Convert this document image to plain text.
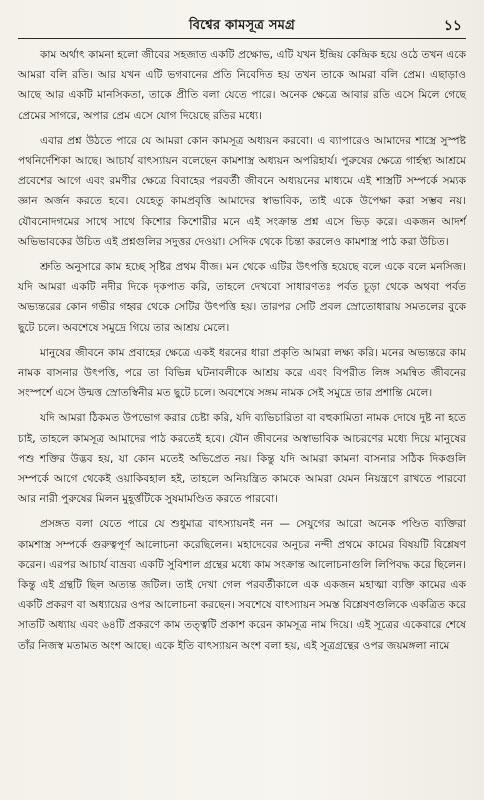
বিশ্বের কামসূত্র সমগ্র	১১

কাম অর্থাৎ কামনা হলো জীবের সহজাত একটি প্রক্ষোভ, এটি যখন ইন্দ্রিয় কেন্দ্রিক হয়ে ওঠে তখন একে আমরা বলি রতি। আর যখন এটি ভগবানের প্রতি নিবেদিত হয় তখন তাকে আমরা বলি প্রেম। এছাড়াও আছে আর একটি মানসিকতা, তাকে প্রীতি বলা যেতে পারে। অনেক ক্ষেত্রে আবার রতি এসে মিলে গেছে প্রেমের সাগরে, অপার প্রেম এসে যোগ দিয়েছে রতির মধ্যে।

এবার প্রশ্ন উঠতে পারে যে আমরা কোন কামসূত্র অধ্যয়ন করবো। এ ব্যাপারেও আমাদের শাস্ত্রে সুস্পষ্ট পথনির্দেশিকা আছে। আচার্য বাৎস্যায়ন বলেছেন কামশাস্ত্র অধ্যয়ন অপরিহার্য। পুরুষের ক্ষেত্রে গার্হস্থ্য আশ্রমে প্রবেশের আগে এবং রমণীর ক্ষেত্রে বিবাহের পরবর্তী জীবনে অধ্যয়নের মাধ্যমে এই শাস্ত্রটি সম্পর্কে সম্যক জ্ঞান অর্জন করতে হবে। যেহেতু কামপ্রবৃত্তি আমাদের স্বাভাবিক, তাই একে উপেক্ষা করা সম্ভব নয়। যৌবনোদগমের সাথে সাথে কিশোর কিশোরীর মনে এই সংক্রান্ত প্রশ্ন এসে ভিড় করে। একজন আদর্শ অভিভাবকের উচিত এই প্রশ্নগুলির সদুত্তর দেওয়া। সেদিক থেকে চিন্তা করলেও কামশাস্ত্র পাঠ করা উচিত।

শ্রুতি অনুসারে কাম হচ্ছে সৃষ্টির প্রথম বীজ। মন থেকে এটির উৎপত্তি হয়েছে বলে একে বলে মনসিজ। যদি আমরা একটি নদীর দিকে দৃকপাত করি, তাহলে দেখবো সাধারণতঃ পর্বত চূড়া থেকে অথবা পর্বত অভ্যন্তরের কোন গভীর গহ্বর থেকে সেটির উৎপত্তি হয়। তারপর সেটি প্রবল স্রোতোধারায় সমতলের বুকে ছুটে চলে। অবশেষে সমুদ্রে গিয়ে তার আশ্রয় মেলে।

মানুষের জীবনে কাম প্রবাহের ক্ষেত্রে একই ধরনের ধারা প্রকৃতি আমরা লক্ষ্য করি। মনের অভ্যন্তরে কাম নামক বাসনার উৎপত্তি, পরে তা বিভিন্ন ঘটনাবলীকে আশ্রয় করে এবং বিপরীত লিঙ্গ সমন্বিত জীবনের সংস্পর্শে এসে উন্মত্ত স্রোতস্বিনীর মত ছুটে চলে। অবশেষে সঙ্গম নামক সেই সমুদ্রে তার প্রশান্তি মেলে।

যদি আমরা ঠিকমত উপভোগ করার চেষ্টা করি, যদি ব্যভিচারিতা বা বহুকামিতা নামক দোষে দুষ্ট না হতে চাই, তাহলে কামসূত্র আমাদের পাঠ করতেই হবে। যৌন জীবনের অস্বাভাবিক আচরণের মধ্যে দিয়ে মানুষের পশু শক্তির উদ্ভব হয়, যা কোন মতেই অভিপ্রেত নয়। কিন্তু যদি আমরা কামনা বাসনার সঠিক দিকগুলি সম্পর্কে আগে থেকেই ওয়াকিবহাল হই, তাহলে অনিয়ন্ত্রিত কামকে আমরা যেমন নিয়ন্ত্রণে রাখতে পারবো আর নারী পুরুষের মিলন মুহূর্ত্তটিকে সুষমামণ্ডিত করতে পারবো।

প্রসঙ্গত বলা যেতে পারে যে শুধুমাত্র বাৎস্যায়নই নন — সেযুগের আরো অনেক পণ্ডিত ব্যক্তিরা কামশাস্ত্র সম্পর্কে গুরুত্বপূর্ণ আলোচনা করেছিলেন। মহাদেবের অনুচর নন্দী প্রথমে কামের বিষয়টি বিশ্লেষণ করেন। এরপর আচার্য বাভ্রব্য একটি সুবিশাল গ্রন্থের মধ্যে কাম সংক্রান্ত আলোচনাগুলি লিপিবদ্ধ করে ছিলেন। কিন্তু এই গ্রন্থটি ছিল অত্যন্ত জটিল। তাই দেখা গেল পরবর্তীকালে এক একজন মহাত্মা ব্যক্তি কামের এক একটি প্রকরণ বা অধ্যায়ের ওপর আলোচনা করছেন। সবশেষে বাৎস্যায়ন সমস্ত বিশ্লেষণগুলিকে একত্রিত করে সাতটি অধ্যায় এবং ৬৪টি প্রকরণে কাম তত্ত্বটি প্রকাশ করেন কামসূত্র নাম দিয়ে। এই সূত্রের একেবারে শেষে তাঁর নিজস্ব মতামত অংশ আছে। একে ইতি বাৎস্যায়ন অংশ বলা হয়, এই সূত্রগ্রন্থের ওপর জয়মঙ্গলা নামে
